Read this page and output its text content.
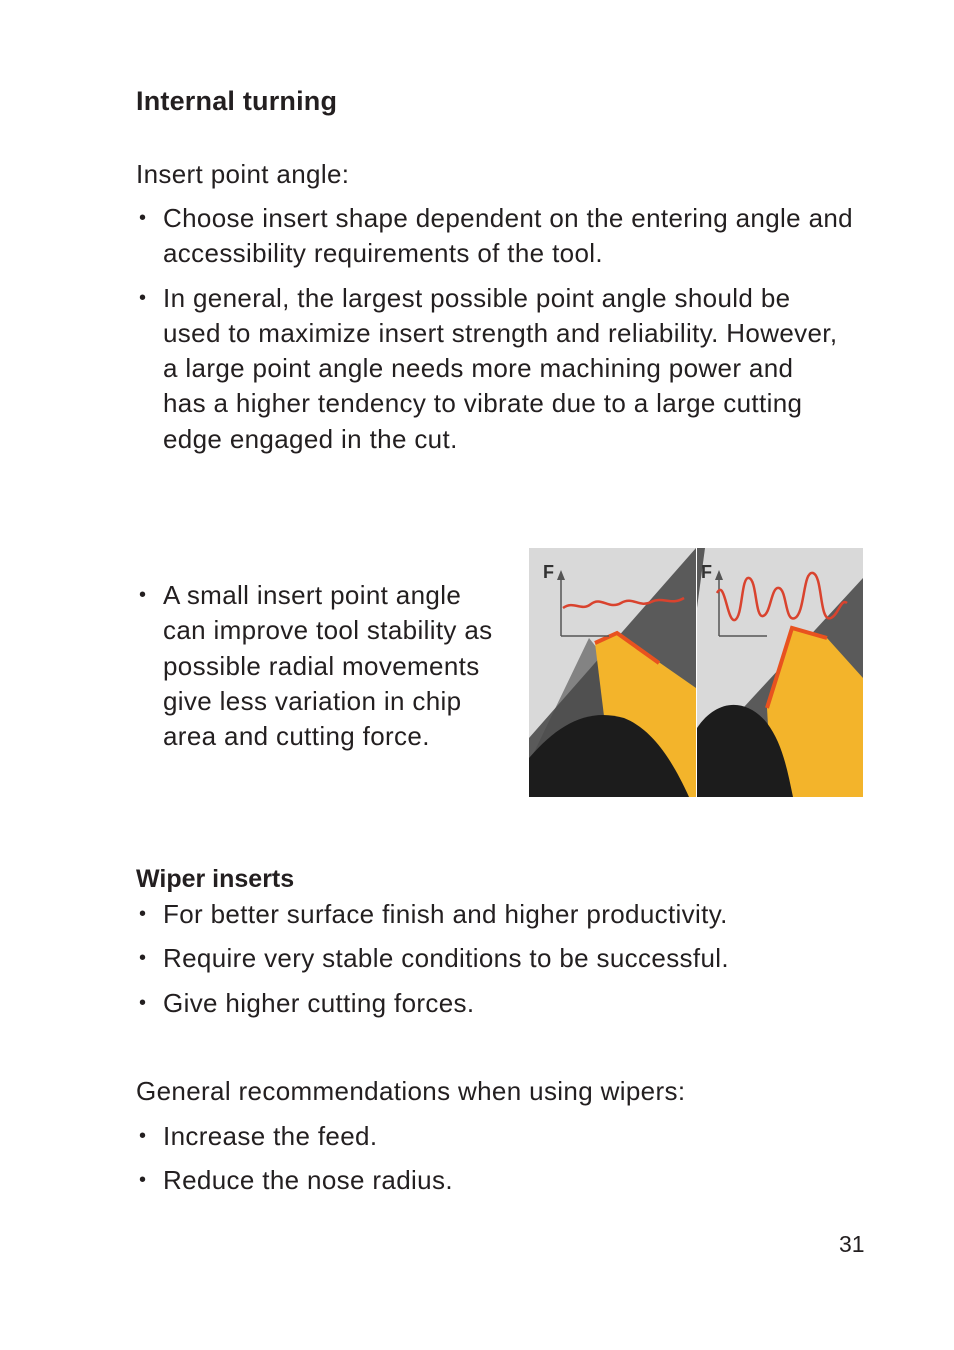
Internal turning
Insert point angle:
• Choose insert shape dependent on the entering angle and accessibility requirements of the tool.
• In general, the largest possible point angle should be used to maximize insert strength and reliability. However, a large point angle needs more machining power and has a higher tendency to vibrate due to a large cutting edge engaged in the cut.
• A small insert point angle can improve tool stability as possible radial movements give less variation in chip area and cutting force.
F	F
Wiper inserts
• For better surface finish and higher productivity.
• Require very stable conditions to be successful.
• Give higher cutting forces.
General recommendations when using wipers:
• Increase the feed.
• Reduce the nose radius.
31
